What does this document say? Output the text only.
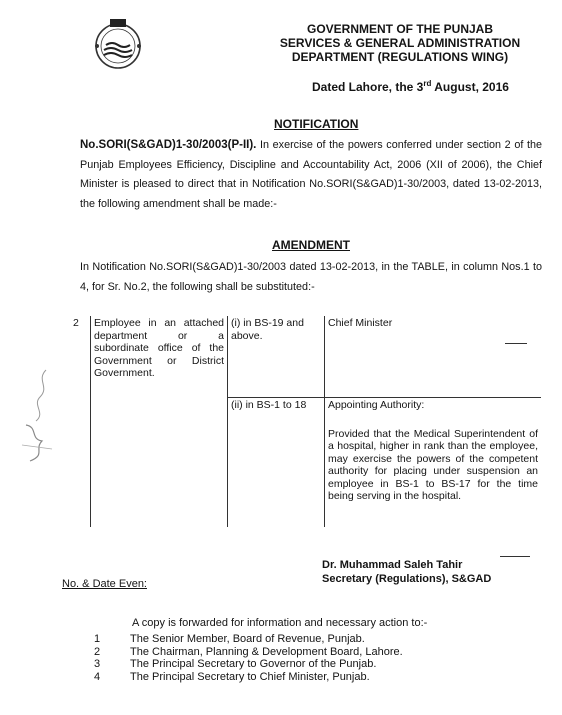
GOVERNMENT OF THE PUNJAB
SERVICES & GENERAL ADMINISTRATION
DEPARTMENT (REGULATIONS WING)
Dated Lahore, the 3rd August, 2016
NOTIFICATION
No.SORI(S&GAD)1-30/2003(P-II). In exercise of the powers conferred under section 2 of the Punjab Employees Efficiency, Discipline and Accountability Act, 2006 (XII of 2006), the Chief Minister is pleased to direct that in Notification No.SORI(S&GAD)1-30/2003, dated 13-02-2013, the following amendment shall be made:-
AMENDMENT
In Notification No.SORI(S&GAD)1-30/2003 dated 13-02-2013, in the TABLE, in column Nos.1 to 4, for Sr. No.2, the following shall be substituted:-
2	Employee in an attached department or a subordinate office of the Government or District Government.	(i) in BS-19 and above.	Chief Minister
		(ii) in BS-1 to 18	Appointing Authority:
Provided that the Medical Superintendent of a hospital, higher in rank than the employee, may exercise the powers of the competent authority for placing under suspension an employee in BS-1 to BS-17 for the time being serving in the hospital.
Dr. Muhammad Saleh Tahir
Secretary (Regulations), S&GAD
No. & Date Even:
A copy is forwarded for information and necessary action to:-
1	The Senior Member, Board of Revenue, Punjab.
2	The Chairman, Planning & Development Board, Lahore.
3	The Principal Secretary to Governor of the Punjab.
4	The Principal Secretary to Chief Minister, Punjab.
